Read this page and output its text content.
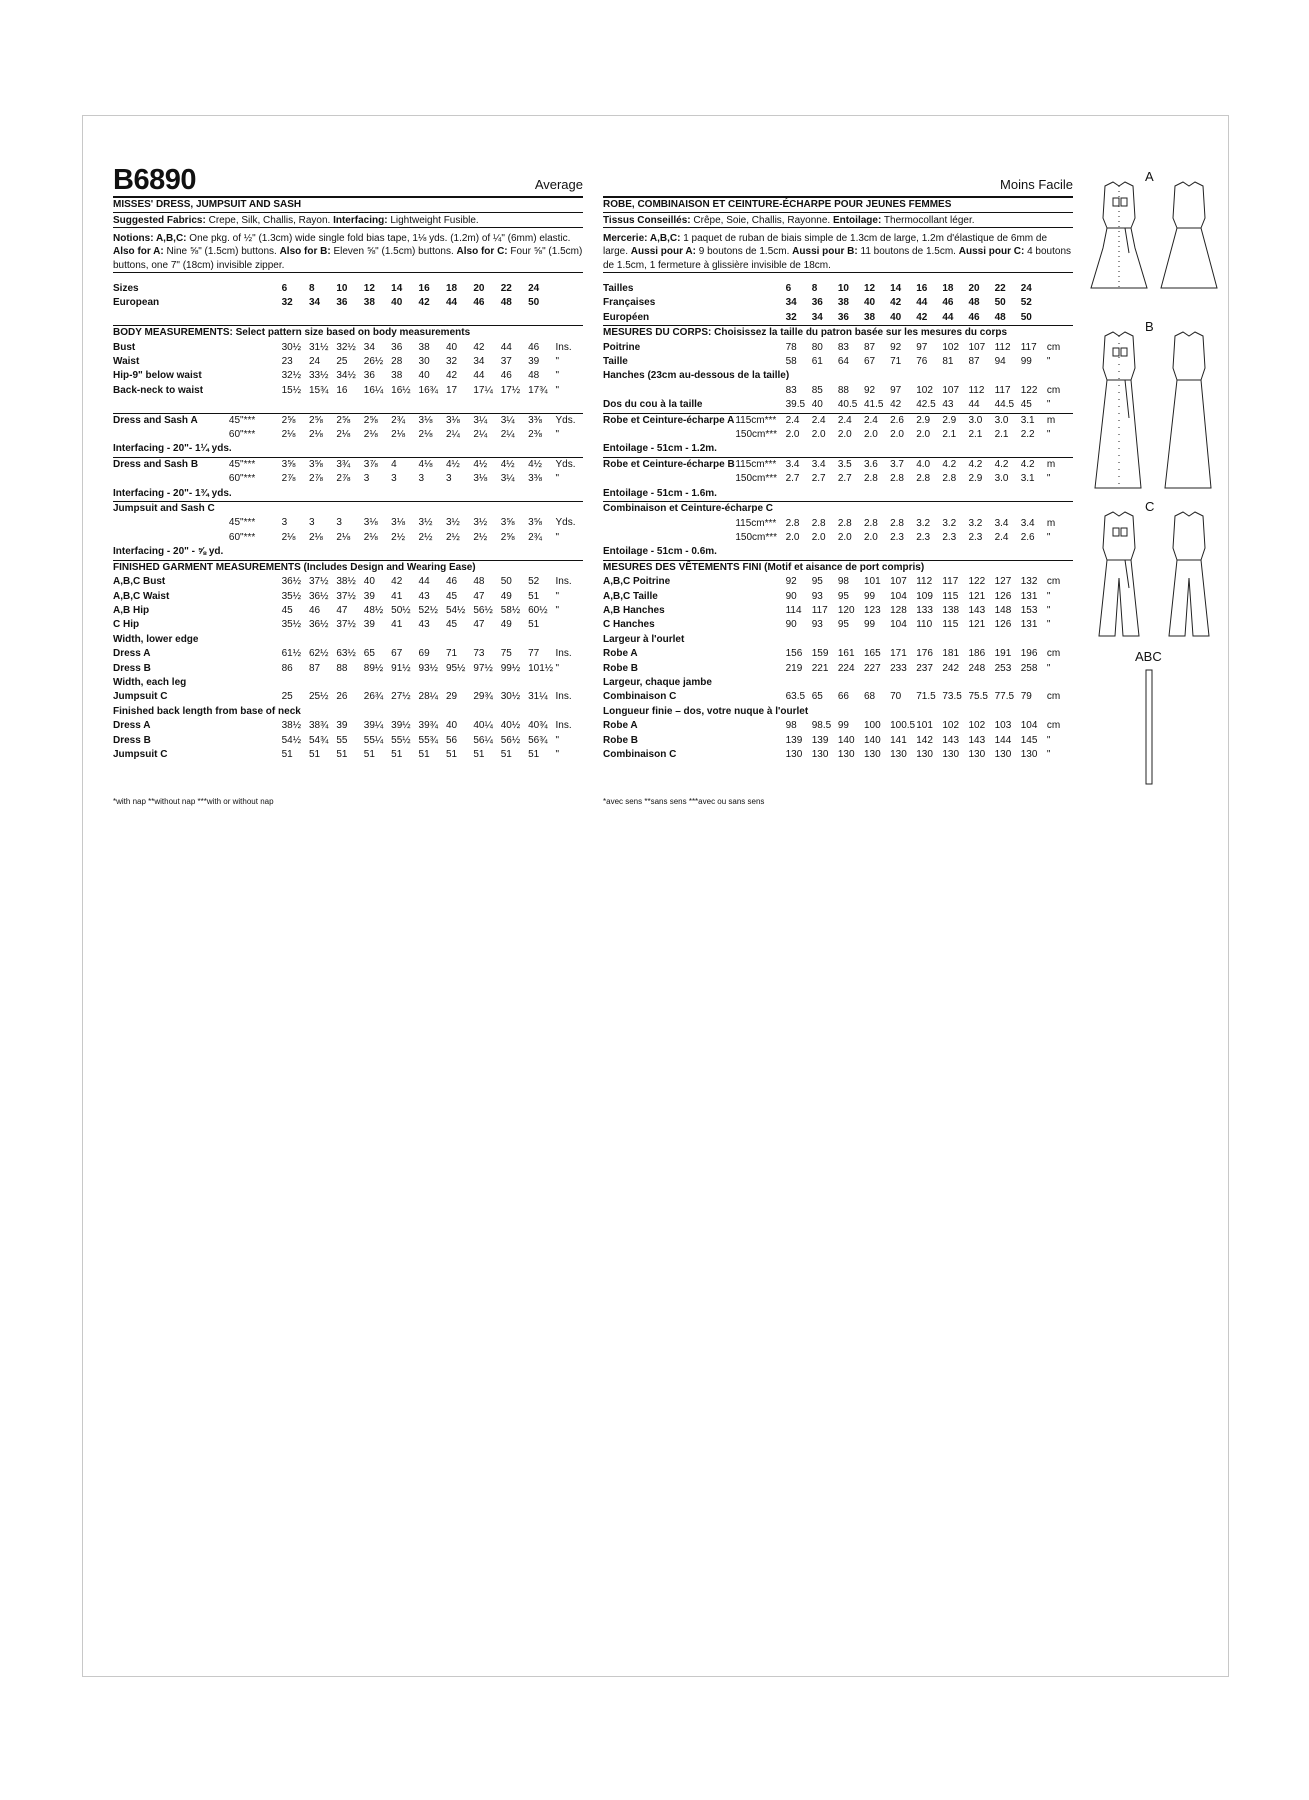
B6890	Average
MISSES' DRESS, JUMPSUIT AND SASH
Suggested Fabrics: Crepe, Silk, Challis, Rayon. Interfacing: Lightweight Fusible.
Notions: A,B,C: One pkg. of ½" (1.3cm) wide single fold bias tape, 1⅛ yds. (1.2m) of ¼" (6mm) elastic. Also for A: Nine ⅝" (1.5cm) buttons. Also for B: Eleven ⅝" (1.5cm) buttons. Also for C: Four ⅝" (1.5cm) buttons, one 7" (18cm) invisible zipper.
Sizes		6	8	10	12	14	16	18	20	22	24	
European		32	34	36	38	40	42	44	46	48	50	

BODY MEASUREMENTS: Select pattern size based on body measurements												
Bust		30½	31½	32½	34	36	38	40	42	44	46	Ins.
Waist		23	24	25	26½	28	30	32	34	37	39	"
Hip-9" below waist		32½	33½	34½	36	38	40	42	44	46	48	"
Back-neck to waist		15½	15¾	16	16¼	16½	16¾	17	17¼	17½	17¾	"

Dress and Sash A	45"***	2⅝	2⅝	2⅝	2⅝	2¾	3⅛	3⅛	3¼	3¼	3⅜	Yds.
	60"***	2⅛	2⅛	2⅛	2⅛	2⅛	2⅛	2¼	2¼	2¼	2⅜	"
Interfacing - 20"- 1¼ yds.												
Dress and Sash B	45"***	3⅝	3⅝	3¾	3⅞	4	4⅛	4½	4½	4½	4½	Yds.
	60"***	2⅞	2⅞	2⅞	3	3	3	3	3⅛	3¼	3⅜	"
Interfacing - 20"- 1¾ yds.												
Jumpsuit and Sash C												
	45"***	3	3	3	3⅛	3⅛	3½	3½	3½	3⅝	3⅝	Yds.
	60"***	2⅛	2⅛	2⅛	2⅛	2½	2½	2½	2½	2⅝	2¾	"
Interfacing - 20" - ⅝ yd.												
FINISHED GARMENT MEASUREMENTS (Includes Design and Wearing Ease)												
A,B,C Bust		36½	37½	38½	40	42	44	46	48	50	52	Ins.
A,B,C Waist		35½	36½	37½	39	41	43	45	47	49	51	"
A,B Hip		45	46	47	48½	50½	52½	54½	56½	58½	60½	"
C Hip		35½	36½	37½	39	41	43	45	47	49	51	
Width, lower edge												
Dress A		61½	62½	63½	65	67	69	71	73	75	77	Ins.
Dress B		86	87	88	89½	91½	93½	95½	97½	99½	101½	"
Width, each leg												
Jumpsuit C		25	25½	26	26¾	27½	28¼	29	29¾	30½	31¼	Ins.
Finished back length from base of neck												
Dress A		38½	38¾	39	39¼	39½	39¾	40	40¼	40½	40¾	Ins.
Dress B		54½	54¾	55	55¼	55½	55¾	56	56¼	56½	56¾	"
Jumpsuit C		51	51	51	51	51	51	51	51	51	51	"
*with nap **without nap ***with or without nap
Moins Facile
ROBE, COMBINAISON ET CEINTURE-ÉCHARPE POUR JEUNES FEMMES
Tissus Conseillés: Crêpe, Soie, Challis, Rayonne. Entoilage: Thermocollant léger.
Mercerie: A,B,C: 1 paquet de ruban de biais simple de 1.3cm de large, 1.2m d'élastique de 6mm de large. Aussi pour A: 9 boutons de 1.5cm. Aussi pour B: 11 boutons de 1.5cm. Aussi pour C: 4 boutons de 1.5cm, 1 fermeture à glissière invisible de 18cm.
Tailles		6	8	10	12	14	16	18	20	22	24	
Françaises		34	36	38	40	42	44	46	48	50	52	
Européen		32	34	36	38	40	42	44	46	48	50	
MESURES DU CORPS: Choisissez la taille du patron basée sur les mesures du corps												
Poitrine		78	80	83	87	92	97	102	107	112	117	cm
Taille		58	61	64	67	71	76	81	87	94	99	"
Hanches (23cm au-dessous de la taille)												
		83	85	88	92	97	102	107	112	117	122	cm
Dos du cou à la taille		39.5	40	40.5	41.5	42	42.5	43	44	44.5	45	"
Robe et Ceinture-écharpe A	115cm***	2.4	2.4	2.4	2.4	2.6	2.9	2.9	3.0	3.0	3.1	m
	150cm***	2.0	2.0	2.0	2.0	2.0	2.0	2.1	2.1	2.1	2.2	"
Entoilage - 51cm - 1.2m.												
Robe et Ceinture-écharpe B	115cm***	3.4	3.4	3.5	3.6	3.7	4.0	4.2	4.2	4.2	4.2	m
	150cm***	2.7	2.7	2.7	2.8	2.8	2.8	2.8	2.9	3.0	3.1	"
Entoilage - 51cm - 1.6m.												
Combinaison et Ceinture-écharpe C												
	115cm***	2.8	2.8	2.8	2.8	2.8	3.2	3.2	3.2	3.4	3.4	m
	150cm***	2.0	2.0	2.0	2.0	2.3	2.3	2.3	2.3	2.4	2.6	"
Entoilage - 51cm - 0.6m.												
MESURES DES VÊTEMENTS FINI (Motif et aisance de port compris)												
A,B,C Poitrine		92	95	98	101	107	112	117	122	127	132	cm
A,B,C Taille		90	93	95	99	104	109	115	121	126	131	"
A,B Hanches		114	117	120	123	128	133	138	143	148	153	"
C Hanches		90	93	95	99	104	110	115	121	126	131	"
Largeur à l'ourlet												
Robe A		156	159	161	165	171	176	181	186	191	196	cm
Robe B		219	221	224	227	233	237	242	248	253	258	"
Largeur, chaque jambe												
Combinaison C		63.5	65	66	68	70	71.5	73.5	75.5	77.5	79	cm
Longueur finie – dos, votre nuque à l'ourlet												
Robe A		98	98.5	99	100	100.5	101	102	102	103	104	cm
Robe B		139	139	140	140	141	142	143	143	144	145	"
Combinaison C		130	130	130	130	130	130	130	130	130	130	"
*avec sens **sans sens ***avec ou sans sens
A
B
C
ABC
